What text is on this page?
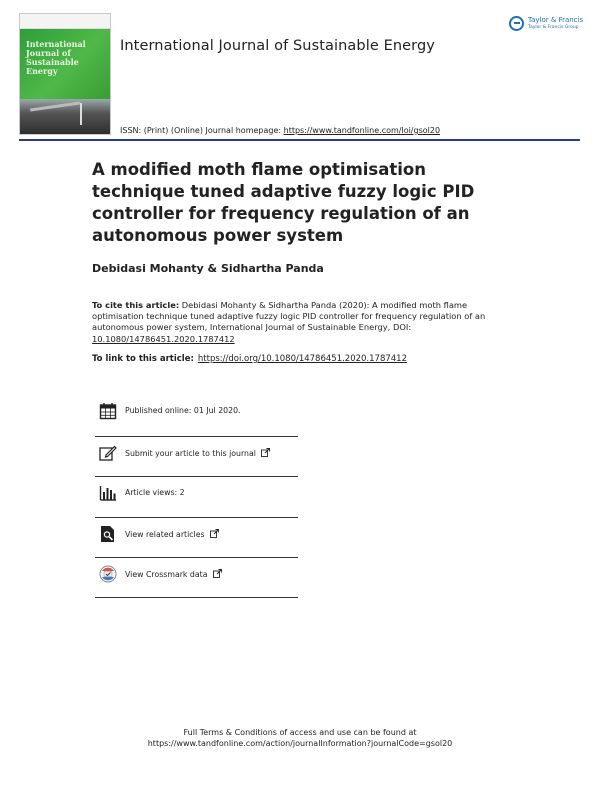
International Journal of Sustainable Energy
International Journal of Sustainable Energy
Taylor & Francis
Taylor & Francis Group
ISSN: (Print) (Online) Journal homepage: https://www.tandfonline.com/loi/gsol20
A modified moth flame optimisation technique tuned adaptive fuzzy logic PID controller for frequency regulation of an autonomous power system
Debidasi Mohanty & Sidhartha Panda
To cite this article: Debidasi Mohanty & Sidhartha Panda (2020): A modified moth flame optimisation technique tuned adaptive fuzzy logic PID controller for frequency regulation of an autonomous power system, International Journal of Sustainable Energy, DOI: 10.1080/14786451.2020.1787412
To link to this article: https://doi.org/10.1080/14786451.2020.1787412
Published online: 01 Jul 2020.
Submit your article to this journal
Article views: 2
View related articles
View Crossmark data
Full Terms & Conditions of access and use can be found at
https://www.tandfonline.com/action/journalInformation?journalCode=gsol20
